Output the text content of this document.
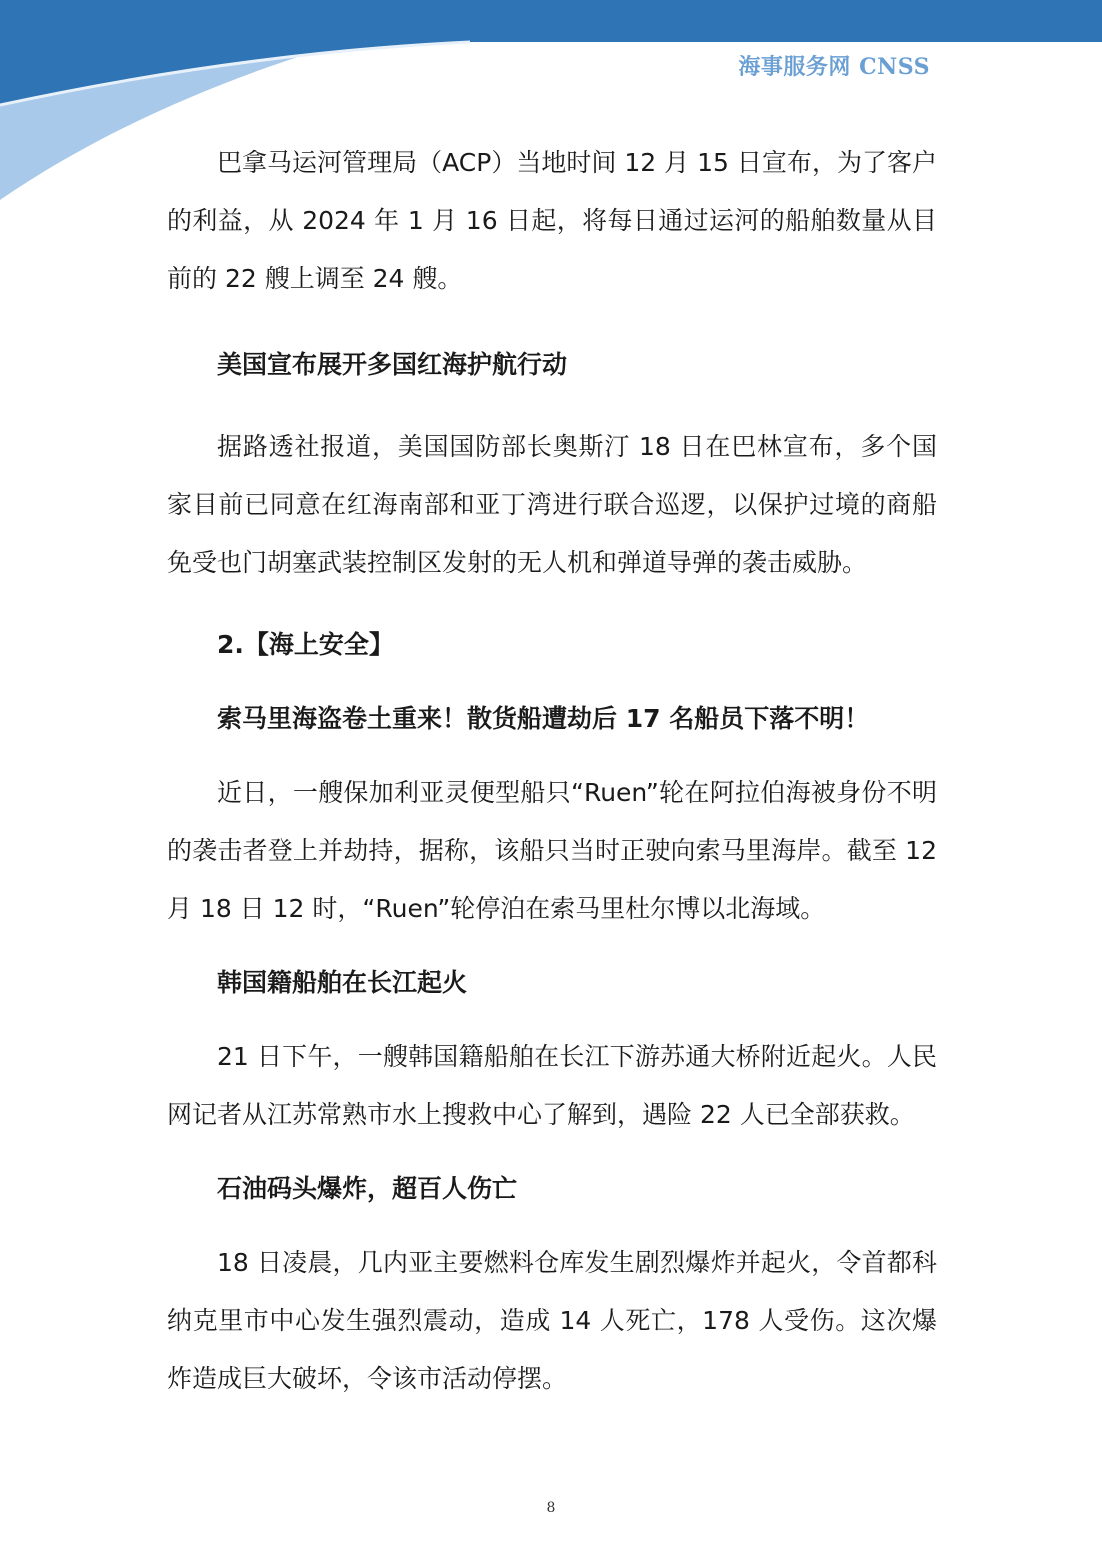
海事服务网 CNSS

巴拿马运河管理局（ACP）当地时间 12 月 15 日宣布，为了客户的利益，从 2024 年 1 月 16 日起，将每日通过运河的船舶数量从目前的 22 艘上调至 24 艘。

美国宣布展开多国红海护航行动

据路透社报道，美国国防部长奥斯汀 18 日在巴林宣布，多个国家目前已同意在红海南部和亚丁湾进行联合巡逻，以保护过境的商船免受也门胡塞武装控制区发射的无人机和弹道导弹的袭击威胁。

2.【海上安全】

索马里海盗卷土重来！散货船遭劫后 17 名船员下落不明！

近日，一艘保加利亚灵便型船只“Ruen”轮在阿拉伯海被身份不明的袭击者登上并劫持，据称，该船只当时正驶向索马里海岸。截至 12 月 18 日 12 时，“Ruen”轮停泊在索马里杜尔博以北海域。

韩国籍船舶在长江起火

21 日下午，一艘韩国籍船舶在长江下游苏通大桥附近起火。人民网记者从江苏常熟市水上搜救中心了解到，遇险 22 人已全部获救。

石油码头爆炸，超百人伤亡

18 日凌晨，几内亚主要燃料仓库发生剧烈爆炸并起火，令首都科纳克里市中心发生强烈震动，造成 14 人死亡，178 人受伤。这次爆炸造成巨大破坏，令该市活动停摆。

8
